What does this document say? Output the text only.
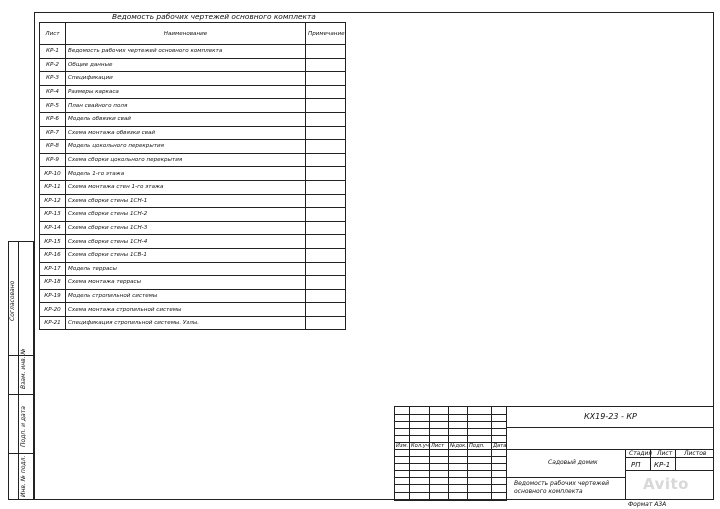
Ведомость рабочих чертежей основного комплекта
Лист	Наименование	Примечание
КР-1	Ведомость рабочих чертежей основного комплекта	
КР-2	Общие данные	
КР-3	Спецификации	
КР-4	Размеры каркаса	
КР-5	План свайного поля	
КР-6	Модель обвязки свай	
КР-7	Схема монтажа обвязки свай	
КР-8	Модель цокольного перекрытия	
КР-9	Схема сборки цокольного перекрытия	
КР-10	Модель 1-го этажа	
КР-11	Схема монтажа стен 1-го этажа	
КР-12	Схема сборки стены 1СН-1	
КР-13	Схема сборки стены 1СН-2	
КР-14	Схема сборки стены 1СН-3	
КР-15	Схема сборки стены 1СН-4	
КР-16	Схема сборки стены 1СВ-1	
КР-17	Модель террасы	
КР-18	Схема монтажа террасы	
КР-19	Модель стропильной системы	
КР-20	Схема монтажа стропильной системы	
КР-21	Спецификация стропильной системы. Узлы.	
Согласовано
Взам. инв. №
Подп. и дата
Инв. № подл.
Изм. Кол.уч Лист №док. Подп. Дата
КХ19-23 - КР
Садовый домик
Стадия Лист Листов
РП КР-1
Ведомость рабочих чертежей основного комплекта
Формат А3А
Avito
